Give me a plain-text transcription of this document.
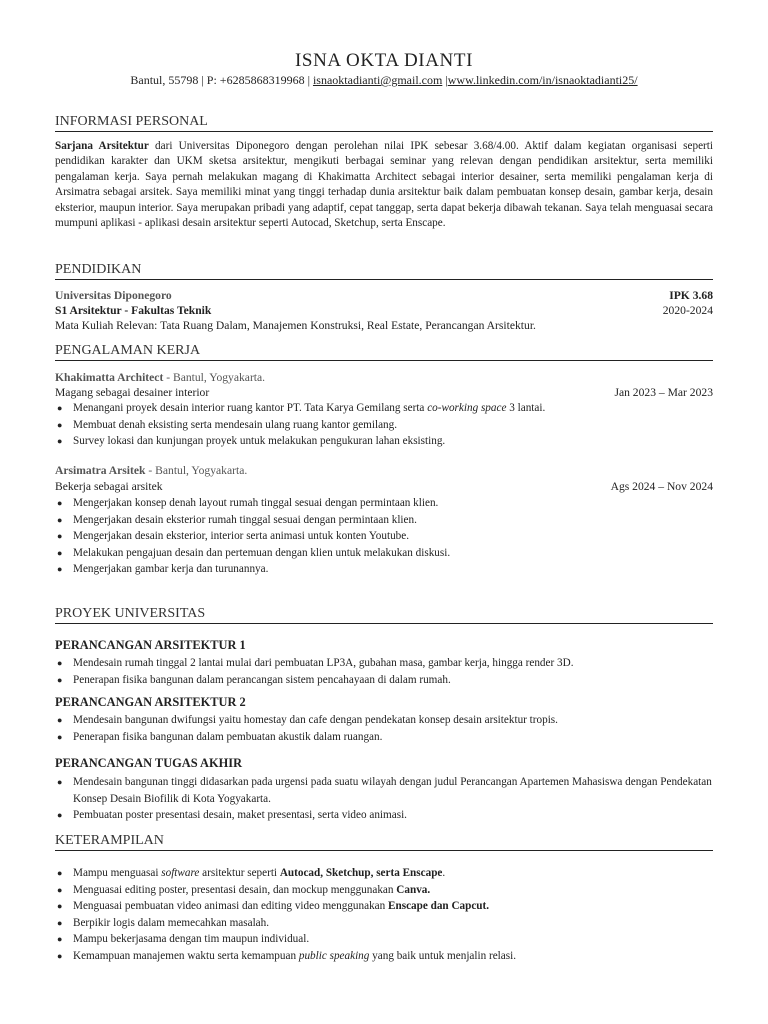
ISNA OKTA DIANTI
Bantul, 55798 | P: +6285868319968 | isnaoktadianti@gmail.com |www.linkedin.com/in/isnaoktadianti25/
INFORMASI PERSONAL
Sarjana Arsitektur dari Universitas Diponegoro dengan perolehan nilai IPK sebesar 3.68/4.00. Aktif dalam kegiatan organisasi seperti pendidikan karakter dan UKM sketsa arsitektur, mengikuti berbagai seminar yang relevan dengan pendidikan arsitektur, serta memiliki pengalaman kerja. Saya pernah melakukan magang di Khakimatta Architect sebagai interior desainer, serta memiliki pengalaman kerja di Arsimatra sebagai arsitek. Saya memiliki minat yang tinggi terhadap dunia arsitektur baik dalam pembuatan konsep desain, gambar kerja, desain eksterior, maupun interior. Saya merupakan pribadi yang adaptif, cepat tanggap, serta dapat bekerja dibawah tekanan. Saya telah menguasai secara mumpuni aplikasi - aplikasi desain arsitektur seperti Autocad, Sketchup, serta Enscape.
PENDIDIKAN
Universitas Diponegoro	IPK 3.68
S1 Arsitektur - Fakultas Teknik	2020-2024
Mata Kuliah Relevan: Tata Ruang Dalam, Manajemen Konstruksi, Real Estate, Perancangan Arsitektur.
PENGALAMAN KERJA
Khakimatta Architect - Bantul, Yogyakarta.
Magang sebagai desainer interior	Jan 2023 – Mar 2023
● Menangani proyek desain interior ruang kantor PT. Tata Karya Gemilang serta co-working space 3 lantai.
● Membuat denah eksisting serta mendesain ulang ruang kantor gemilang.
● Survey lokasi dan kunjungan proyek untuk melakukan pengukuran lahan eksisting.
Arsimatra Arsitek - Bantul, Yogyakarta.
Bekerja sebagai arsitek	Ags 2024 – Nov 2024
● Mengerjakan konsep denah layout rumah tinggal sesuai dengan permintaan klien.
● Mengerjakan desain eksterior rumah tinggal sesuai dengan permintaan klien.
● Mengerjakan desain eksterior, interior serta animasi untuk konten Youtube.
● Melakukan pengajuan desain dan pertemuan dengan klien untuk melakukan diskusi.
● Mengerjakan gambar kerja dan turunannya.
PROYEK UNIVERSITAS
PERANCANGAN ARSITEKTUR 1
● Mendesain rumah tinggal 2 lantai mulai dari pembuatan LP3A, gubahan masa, gambar kerja, hingga render 3D.
● Penerapan fisika bangunan dalam perancangan sistem pencahayaan di dalam rumah.
PERANCANGAN ARSITEKTUR 2
● Mendesain bangunan dwifungsi yaitu homestay dan cafe dengan pendekatan konsep desain arsitektur tropis.
● Penerapan fisika bangunan dalam pembuatan akustik dalam ruangan.
PERANCANGAN TUGAS AKHIR
● Mendesain bangunan tinggi didasarkan pada urgensi pada suatu wilayah dengan judul Perancangan Apartemen Mahasiswa dengan Pendekatan Konsep Desain Biofilik di Kota Yogyakarta.
● Pembuatan poster presentasi desain, maket presentasi, serta video animasi.
KETERAMPILAN
● Mampu menguasai software arsitektur seperti Autocad, Sketchup, serta Enscape.
● Menguasai editing poster, presentasi desain, dan mockup menggunakan Canva.
● Menguasai pembuatan video animasi dan editing video menggunakan Enscape dan Capcut.
● Berpikir logis dalam memecahkan masalah.
● Mampu bekerjasama dengan tim maupun individual.
● Kemampuan manajemen waktu serta kemampuan public speaking yang baik untuk menjalin relasi.
